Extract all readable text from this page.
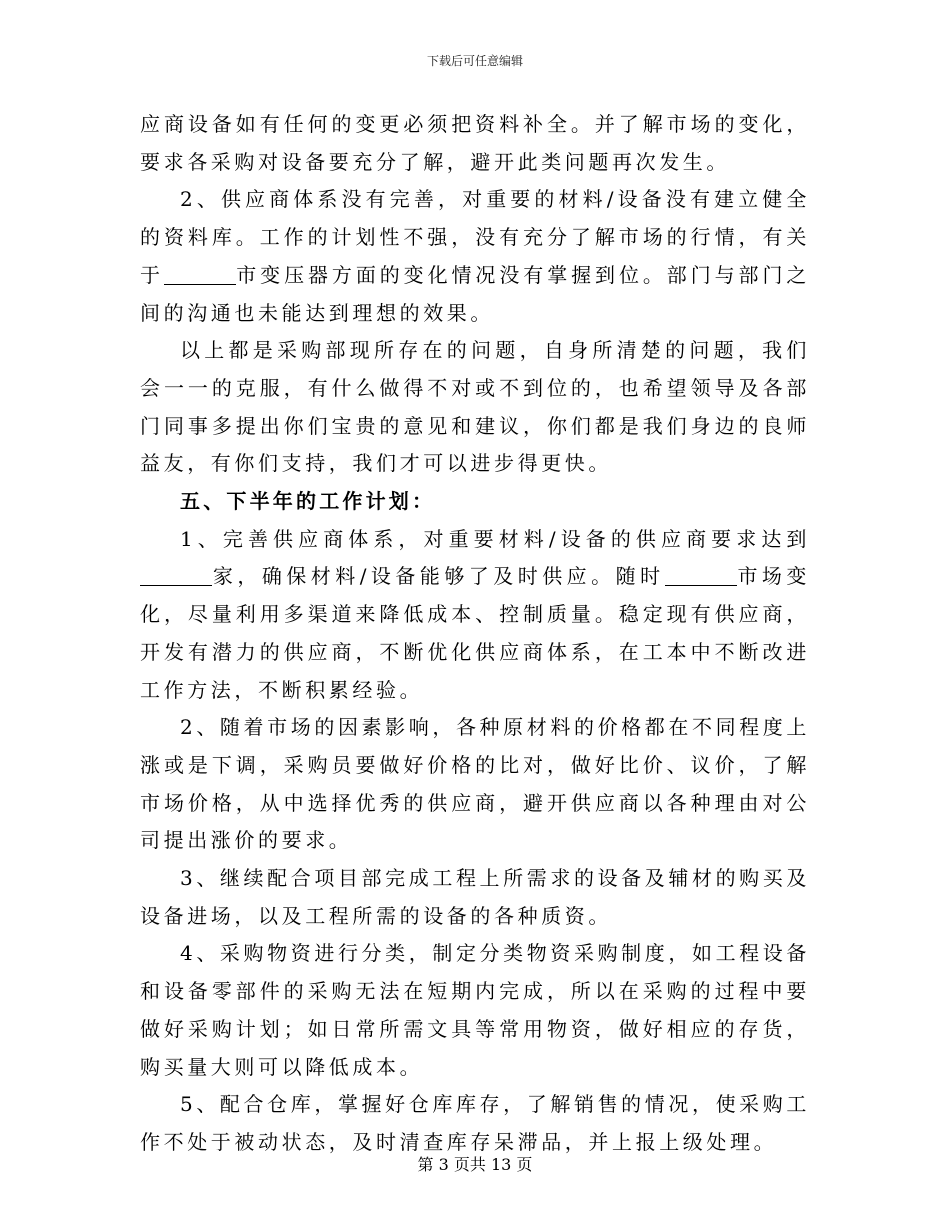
下载后可任意编辑

应商设备如有任何的变更必须把资料补全。并了解市场的变化，要求各采购对设备要充分了解，避开此类问题再次发生。

2、供应商体系没有完善，对重要的材料/设备没有建立健全的资料库。工作的计划性不强，没有充分了解市场的行情，有关于	市变压器方面的变化情况没有掌握到位。部门与部门之间的沟通也未能达到理想的效果。

以上都是采购部现所存在的问题，自身所清楚的问题，我们会一一的克服，有什么做得不对或不到位的，也希望领导及各部门同事多提出你们宝贵的意见和建议，你们都是我们身边的良师益友，有你们支持，我们才可以进步得更快。

五、下半年的工作计划：

1、完善供应商体系，对重要材料/设备的供应商要求达到家，确保材料/设备能够了及时供应。随时	市场变化，尽量利用多渠道来降低成本、控制质量。稳定现有供应商，开发有潜力的供应商，不断优化供应商体系，在工本中不断改进工作方法，不断积累经验。

2、随着市场的因素影响，各种原材料的价格都在不同程度上涨或是下调，采购员要做好价格的比对，做好比价、议价，了解市场价格，从中选择优秀的供应商，避开供应商以各种理由对公司提出涨价的要求。

3、继续配合项目部完成工程上所需求的设备及辅材的购买及设备进场，以及工程所需的设备的各种质资。

4、采购物资进行分类，制定分类物资采购制度，如工程设备和设备零部件的采购无法在短期内完成，所以在采购的过程中要做好采购计划；如日常所需文具等常用物资，做好相应的存货，购买量大则可以降低成本。

5、配合仓库，掌握好仓库库存，了解销售的情况，使采购工作不处于被动状态，及时清查库存呆滞品，并上报上级处理。

第 3 页共 13 页
